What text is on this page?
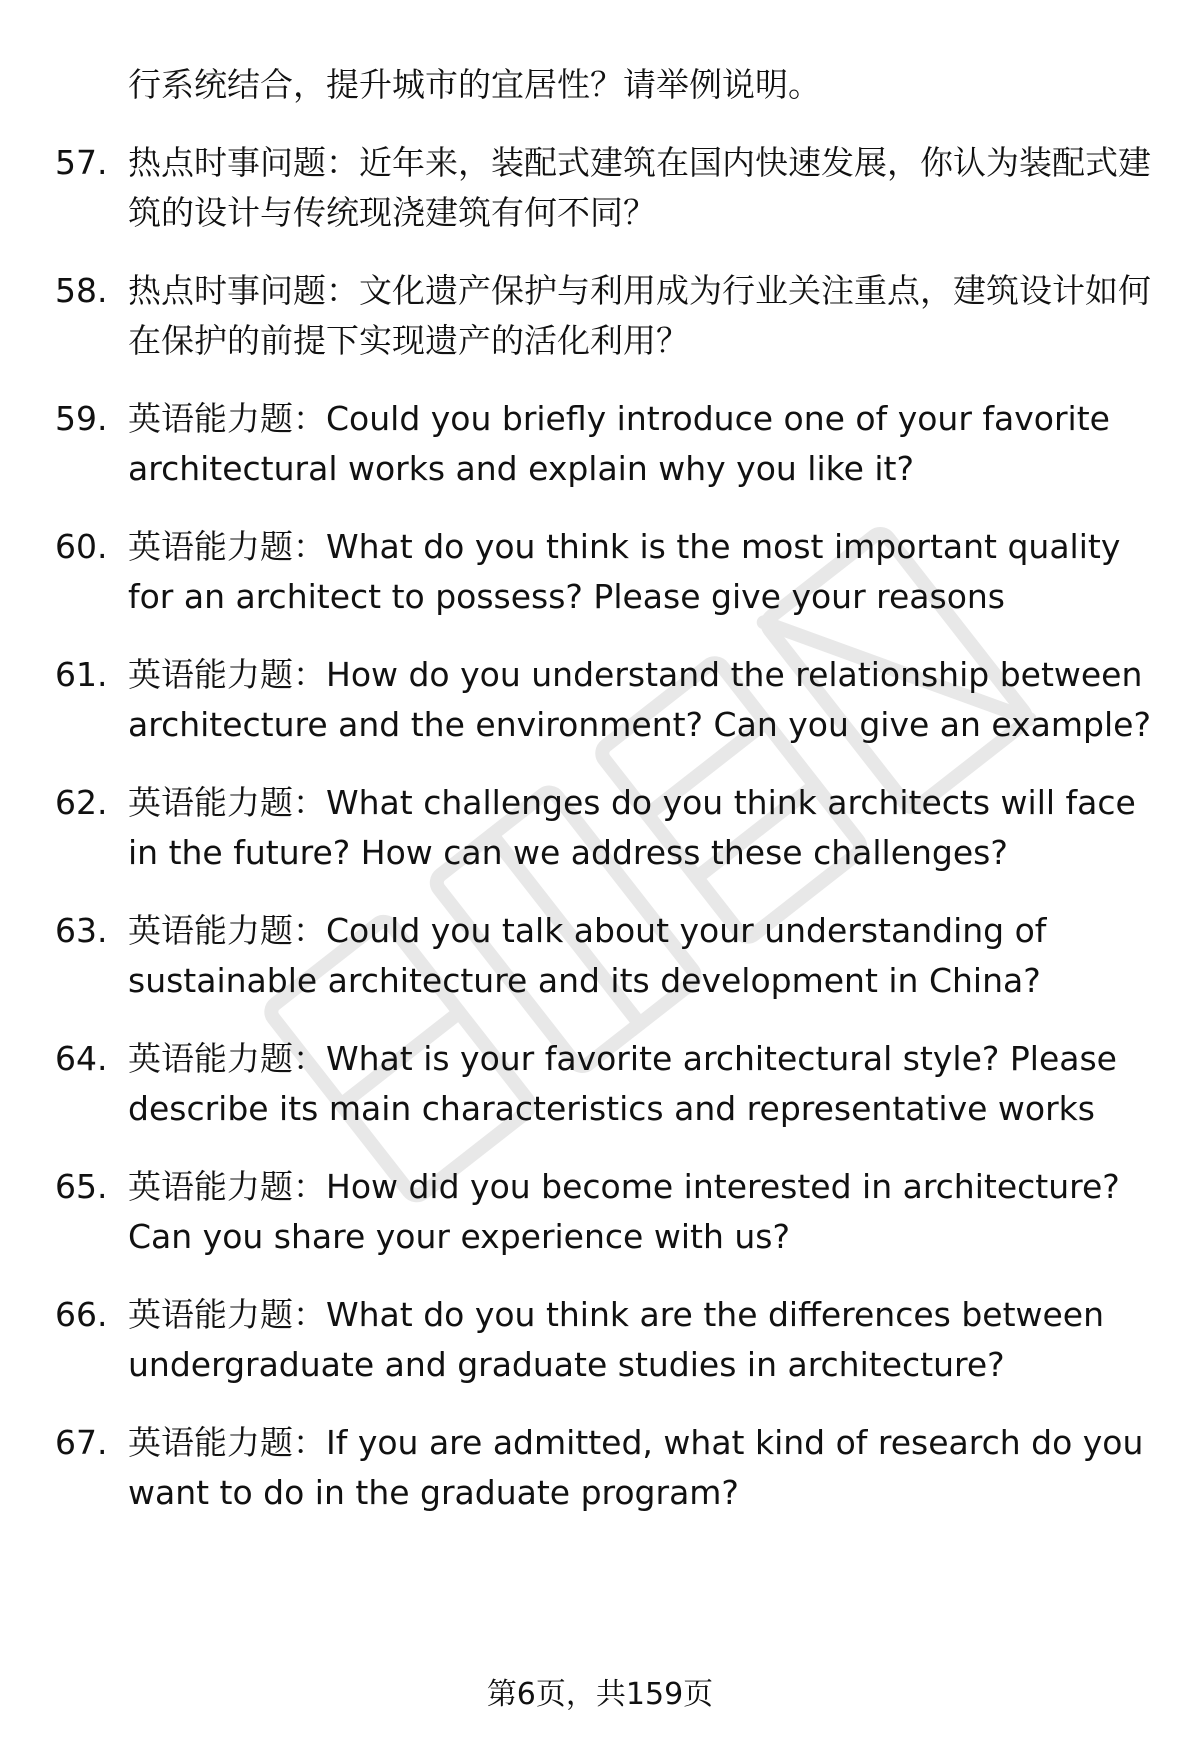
行系统结合，提升城市的宜居性？请举例说明。
57. 热点时事问题：近年来，装配式建筑在国内快速发展，你认为装配式建筑的设计与传统现浇建筑有何不同？
58. 热点时事问题：文化遗产保护与利用成为行业关注重点，建筑设计如何在保护的前提下实现遗产的活化利用？
59. 英语能力题：Could you briefly introduce one of your favorite architectural works and explain why you like it?
60. 英语能力题：What do you think is the most important quality for an architect to possess? Please give your reasons
61. 英语能力题：How do you understand the relationship between architecture and the environment? Can you give an example?
62. 英语能力题：What challenges do you think architects will face in the future? How can we address these challenges?
63. 英语能力题：Could you talk about your understanding of sustainable architecture and its development in China?
64. 英语能力题：What is your favorite architectural style? Please describe its main characteristics and representative works
65. 英语能力题：How did you become interested in architecture? Can you share your experience with us?
66. 英语能力题：What do you think are the differences between undergraduate and graduate studies in architecture?
67. 英语能力题：If you are admitted, what kind of research do you want to do in the graduate program?
第6页，共159页
